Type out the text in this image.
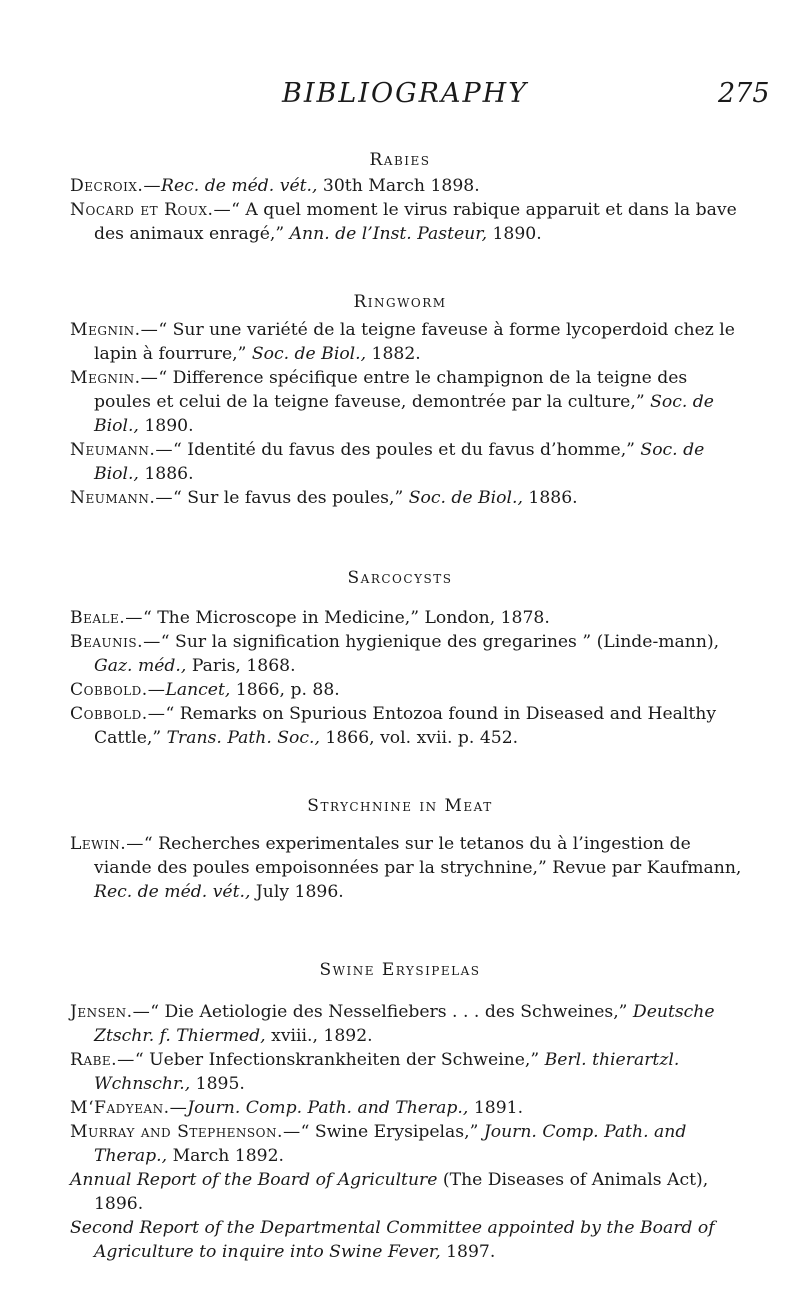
BIBLIOGRAPHY	275
Rabies
Decroix.—Rec. de méd. vét., 30th March 1898.
Nocard et Roux.—“ A quel moment le virus rabique apparuit et dans la bave des animaux enragé,” Ann. de l’Inst. Pasteur, 1890.
Ringworm
Megnin.—“ Sur une variété de la teigne faveuse à forme lycoperdoid chez le lapin à fourrure,” Soc. de Biol., 1882.
Megnin.—“ Difference spécifique entre le champignon de la teigne des poules et celui de la teigne faveuse, demontrée par la culture,” Soc. de Biol., 1890.
Neumann.—“ Identité du favus des poules et du favus d’homme,” Soc. de Biol., 1886.
Neumann.—“ Sur le favus des poules,” Soc. de Biol., 1886.
Sarcocysts
Beale.—“ The Microscope in Medicine,” London, 1878.
Beaunis.—“ Sur la signification hygienique des gregarines ” (Linde-mann), Gaz. méd., Paris, 1868.
Cobbold.—Lancet, 1866, p. 88.
Cobbold.—“ Remarks on Spurious Entozoa found in Diseased and Healthy Cattle,” Trans. Path. Soc., 1866, vol. xvii. p. 452.
Strychnine in Meat
Lewin.—“ Recherches experimentales sur le tetanos du à l’ingestion de viande des poules empoisonnées par la strychnine,” Revue par Kaufmann, Rec. de méd. vét., July 1896.
Swine Erysipelas
Jensen.—“ Die Aetiologie des Nesselfiebers . . . des Schweines,” Deutsche Ztschr. f. Thiermed, xviii., 1892.
Rabe.—“ Ueber Infectionskrankheiten der Schweine,” Berl. thierartzl. Wchnschr., 1895.
M‘Fadyean.—Journ. Comp. Path. and Therap., 1891.
Murray and Stephenson.—“ Swine Erysipelas,” Journ. Comp. Path. and Therap., March 1892.
Annual Report of the Board of Agriculture (The Diseases of Animals Act), 1896.
Second Report of the Departmental Committee appointed by the Board of Agriculture to inquire into Swine Fever, 1897.
